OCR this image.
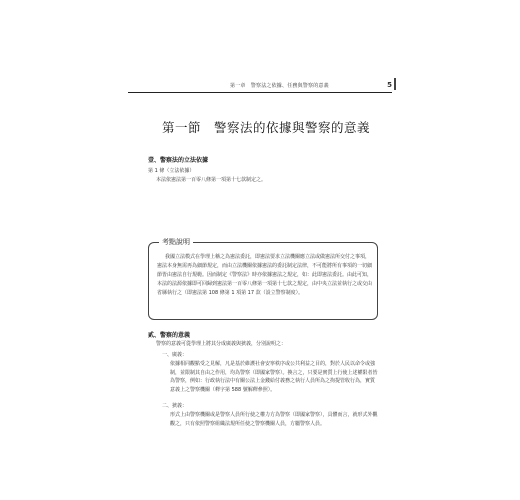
第一章　警察法之依據、任務與警察的意義	5
第一節　警察法的依據與警察的意義
壹、警察法的立法依據
第 1 條（立法依據）
本法依憲法第一百零八條第一項第十七款制定之。
考點說明
我國立法模式在學理上稱之為憲法委託，即憲法要求立法機關應立法或做憲法所交付之事項，憲法本身無需再為細節規定，而由立法機關依據憲法的委託制定法律，不可能將所有事項的一切細節皆由憲法自行規範。因而制定《警察法》時亦依據憲法之規定，如：此即憲法委託。由此可知，本法的法源依據即可回歸到憲法第一百零八條第一項第十七款之規定，由中央立法並執行之或交由省縣執行之（即憲法第 108 條第 1 項第 17 款（設立警察制度）。
貳、警察的意義
警察的意義可從學理上將其分成廣義與狹義，分別說明之：
一、廣義：
依據相同觀點受之見解，凡是基於維護社會安寧秩序或公共利益之目的，對於人民以命令或強制，並限制其自由之作用，均為警察（即國家警察）。換言之，只要是實質上行使上述權限者皆為警察，例如：行政執行法中有關公法上金錢給付義務之執行人員所為之拘提管收行為，實質意義上之警察機關（釋字第 588 號解釋參照）。
二、狹義：
形式上由警察機關或是警察人員所行使之權力方為警察（即國家警察），具體而言，就形式外觀觀之，只有依照警察組織法規所任使之警察機關人員，方屬警察人員。
